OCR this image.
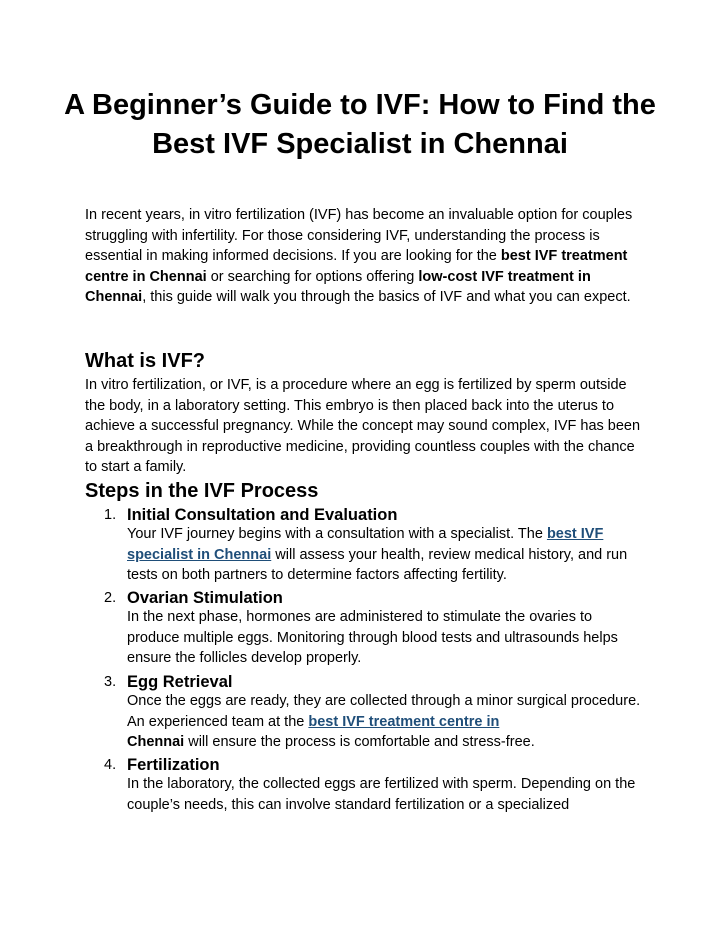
A Beginner’s Guide to IVF: How to Find the Best IVF Specialist in Chennai

In recent years, in vitro fertilization (IVF) has become an invaluable option for couples struggling with infertility. For those considering IVF, understanding the process is essential in making informed decisions. If you are looking for the best IVF treatment centre in Chennai or searching for options offering low-cost IVF treatment in Chennai, this guide will walk you through the basics of IVF and what you can expect.

What is IVF?

In vitro fertilization, or IVF, is a procedure where an egg is fertilized by sperm outside the body, in a laboratory setting. This embryo is then placed back into the uterus to achieve a successful pregnancy. While the concept may sound complex, IVF has been a breakthrough in reproductive medicine, providing countless couples with the chance to start a family.

Steps in the IVF Process
1. Initial Consultation and Evaluation

Your IVF journey begins with a consultation with a specialist. The best IVF specialist in Chennai will assess your health, review medical history, and run tests on both partners to determine factors affecting fertility.

2. Ovarian Stimulation

In the next phase, hormones are administered to stimulate the ovaries to produce multiple eggs. Monitoring through blood tests and ultrasounds helps ensure the follicles develop properly.

3. Egg Retrieval

Once the eggs are ready, they are collected through a minor surgical procedure. An experienced team at the best IVF treatment centre in
Chennai will ensure the process is comfortable and stress-free.

4. Fertilization

In the laboratory, the collected eggs are fertilized with sperm. Depending on the couple’s needs, this can involve standard fertilization or a specialized
